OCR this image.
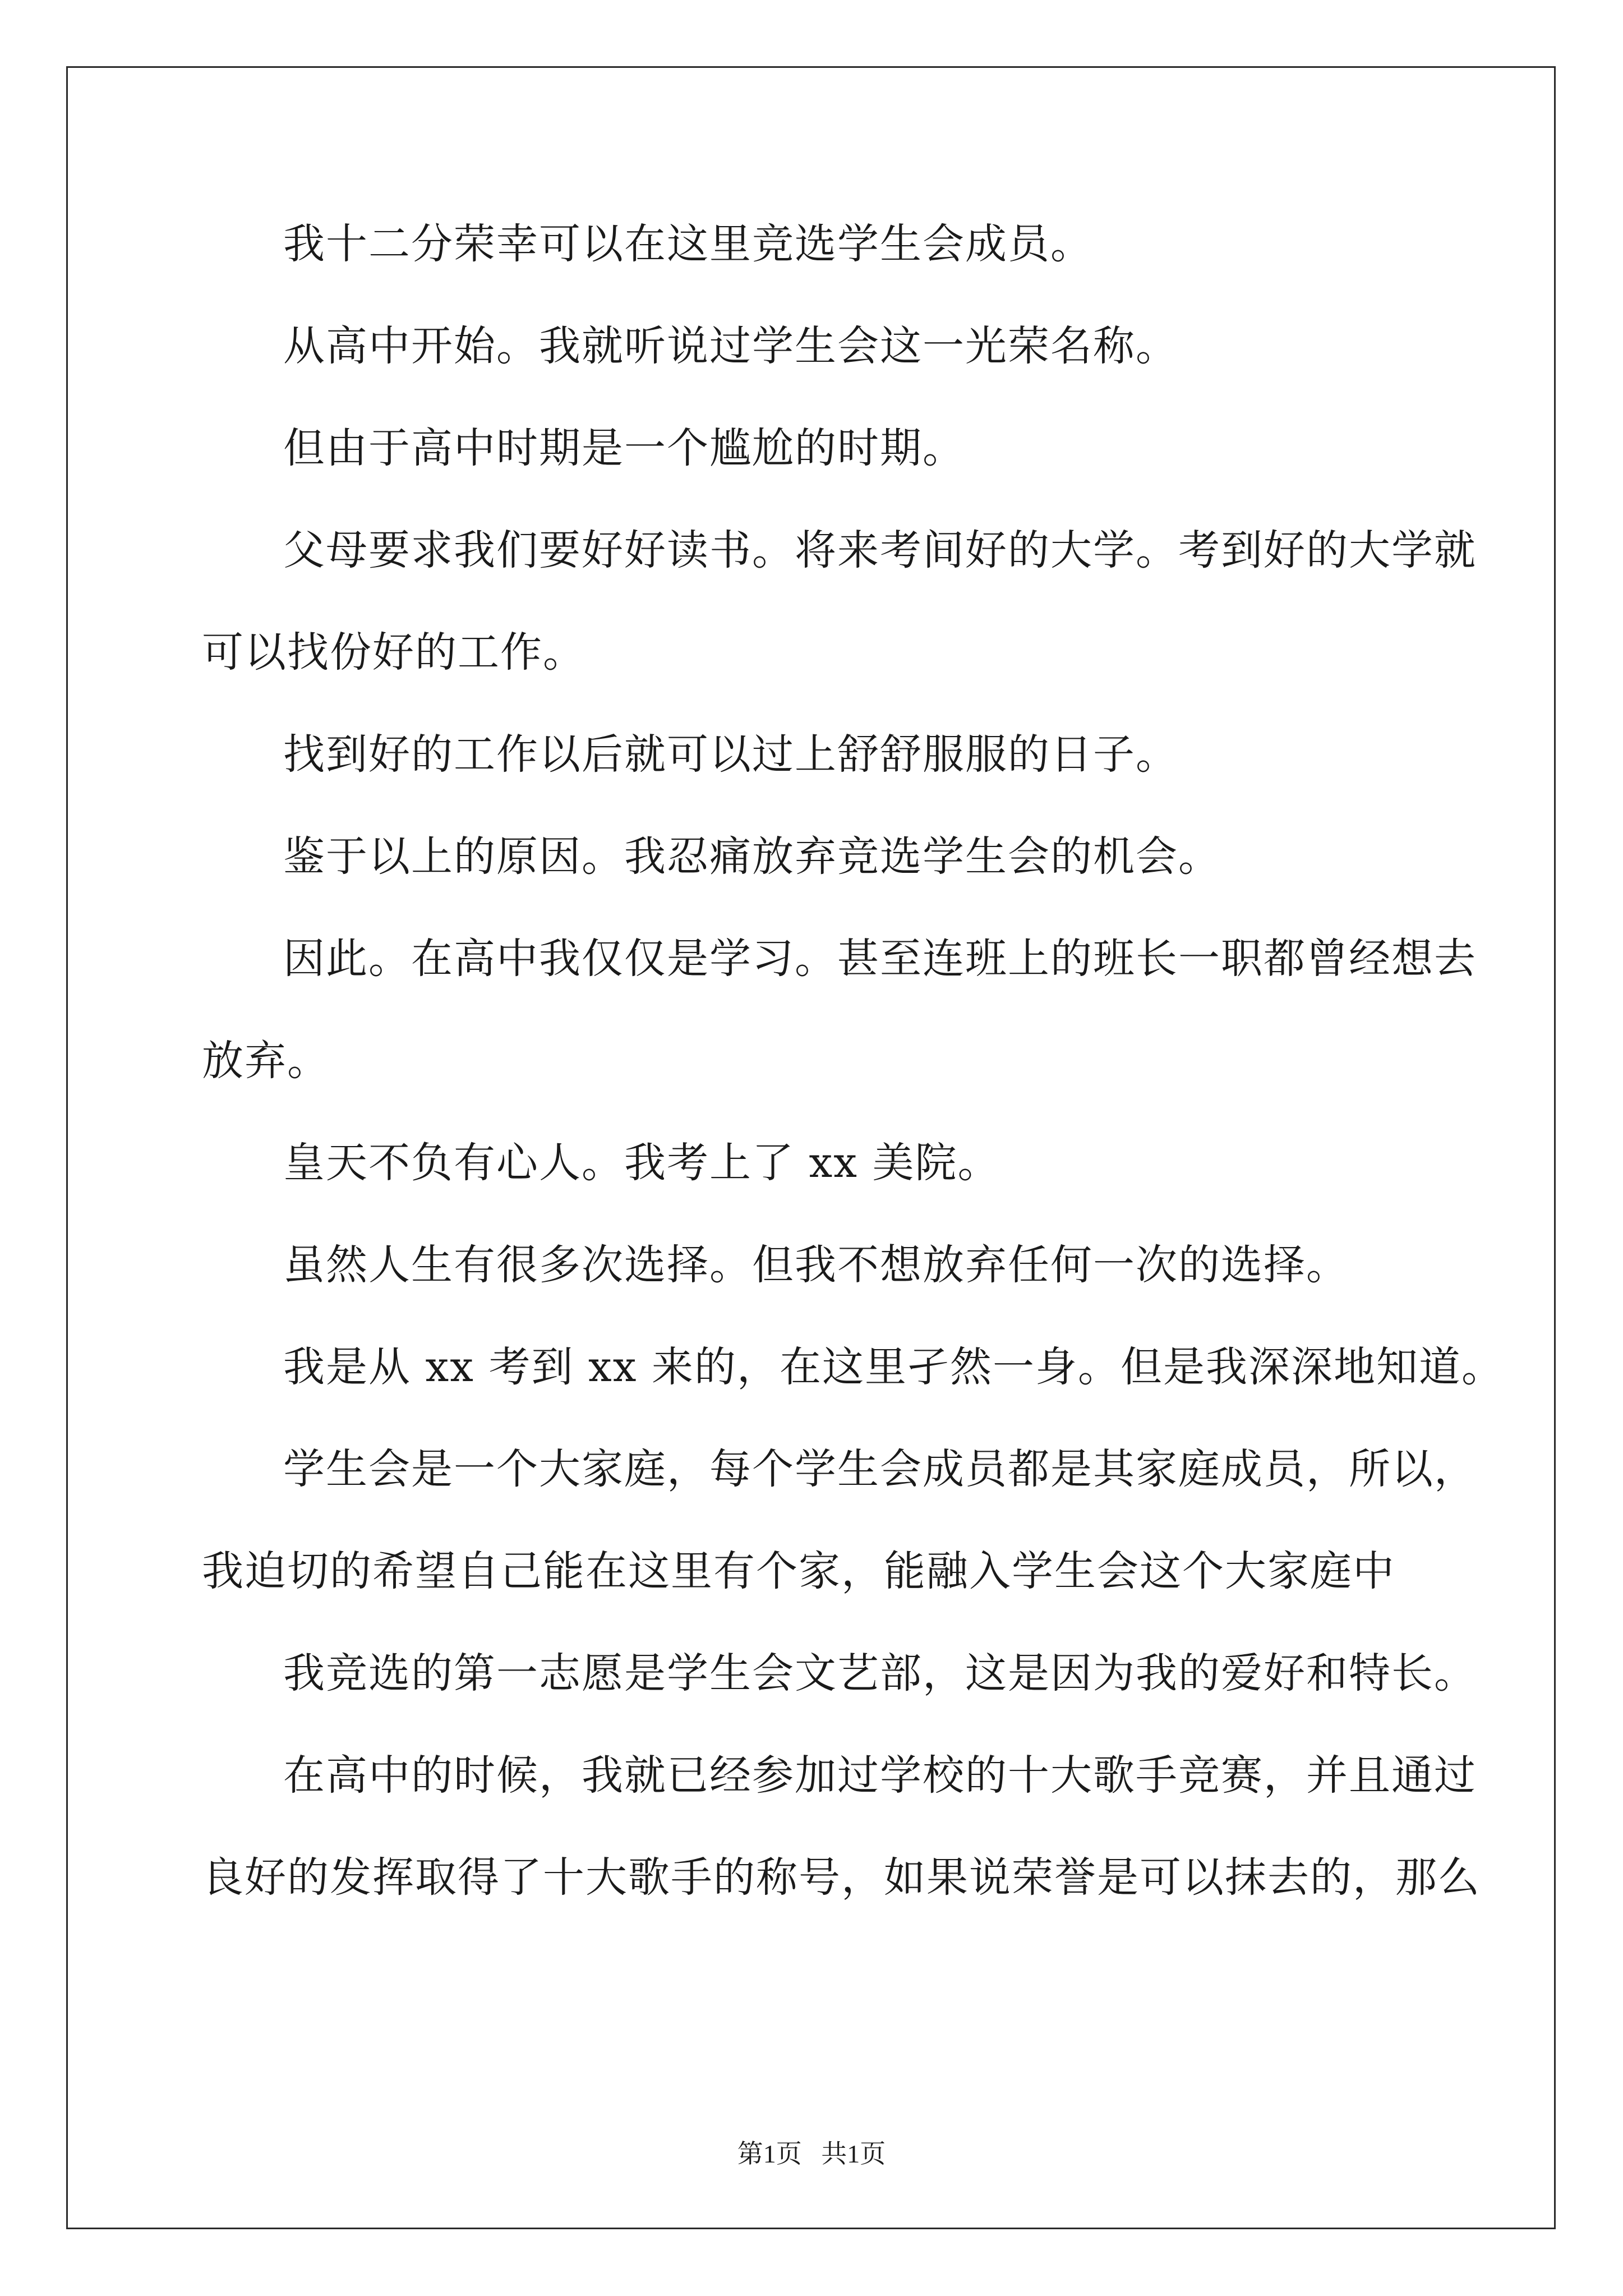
我十二分荣幸可以在这里竞选学生会成员。
从高中开始。我就听说过学生会这一光荣名称。
但由于高中时期是一个尴尬的时期。
父母要求我们要好好读书。将来考间好的大学。考到好的大学就
可以找份好的工作。
找到好的工作以后就可以过上舒舒服服的日子。
鉴于以上的原因。我忍痛放弃竞选学生会的机会。
因此。在高中我仅仅是学习。甚至连班上的班长一职都曾经想去
放弃。
皇天不负有心人。我考上了 xx 美院。
虽然人生有很多次选择。但我不想放弃任何一次的选择。
我是从 xx 考到 xx 来的，在这里孑然一身。但是我深深地知道。
学生会是一个大家庭，每个学生会成员都是其家庭成员，所以，
我迫切的希望自己能在这里有个家，能融入学生会这个大家庭中
我竞选的第一志愿是学生会文艺部，这是因为我的爱好和特长。
在高中的时候，我就已经参加过学校的十大歌手竞赛，并且通过
良好的发挥取得了十大歌手的称号，如果说荣誉是可以抹去的，那么
第1页   共1页
